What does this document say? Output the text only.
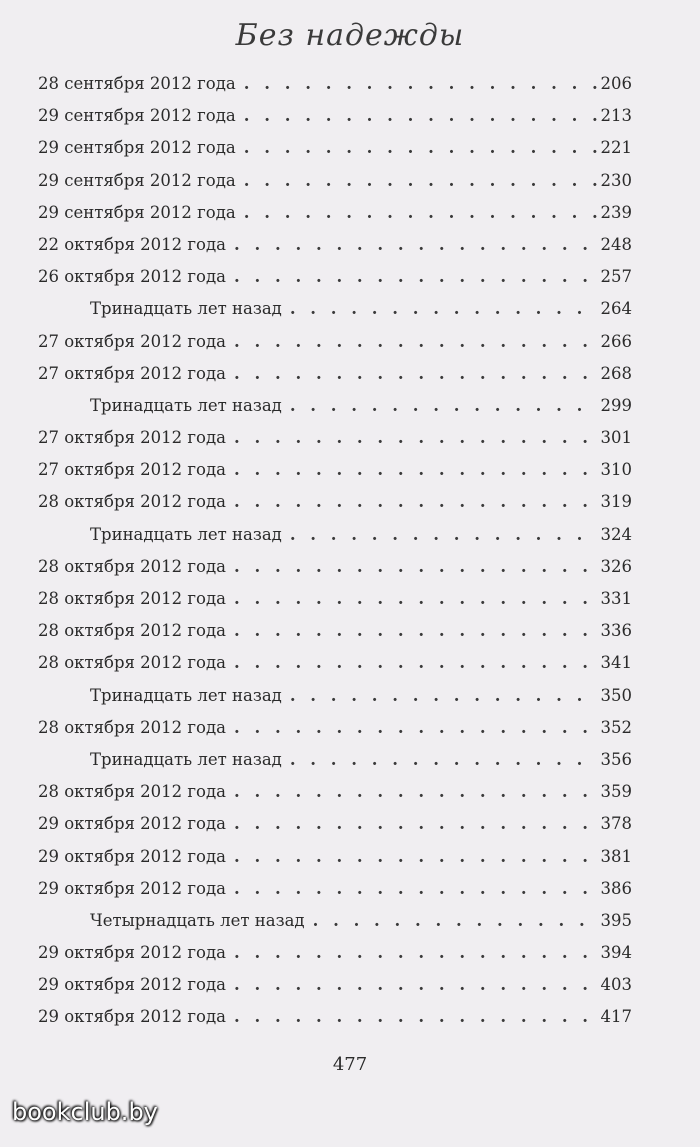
Без надежды
28 сентября 2012 года . . .	206
29 сентября 2012 года . . .	213
29 сентября 2012 года . . .	221
29 сентября 2012 года . . .	230
29 сентября 2012 года . . .	239
22 октября 2012 года . . .	248
26 октября 2012 года . . .	257
Тринадцать лет назад . . .	264
27 октября 2012 года . . .	266
27 октября 2012 года . . .	268
Тринадцать лет назад . . .	299
27 октября 2012 года . . .	301
27 октября 2012 года . . .	310
28 октября 2012 года . . .	319
Тринадцать лет назад . . .	324
28 октября 2012 года . . .	326
28 октября 2012 года . . .	331
28 октября 2012 года . . .	336
28 октября 2012 года . . .	341
Тринадцать лет назад . . .	350
28 октября 2012 года . . .	352
Тринадцать лет назад . . .	356
28 октября 2012 года . . .	359
29 октября 2012 года . . .	378
29 октября 2012 года . . .	381
29 октября 2012 года . . .	386
Четырнадцать лет назад . . .	395
29 октября 2012 года . . .	394
29 октября 2012 года . . .	403
29 октября 2012 года . . .	417
477
bookclub.by
